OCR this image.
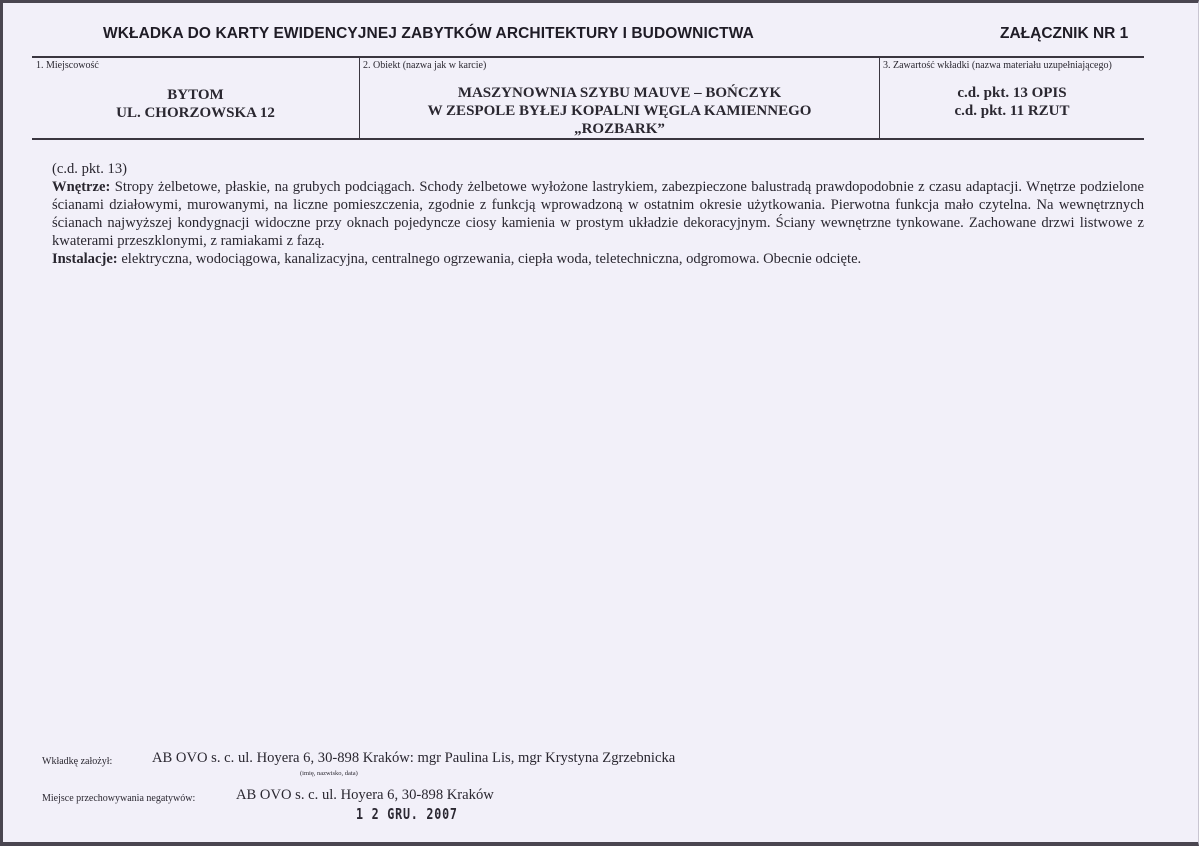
WKŁADKA DO KARTY EWIDENCYJNEJ ZABYTKÓW ARCHITEKTURY I BUDOWNICTWA	ZAŁĄCZNIK NR 1
1. Miejscowość
BYTOM
UL. CHORZOWSKA 12
2. Obiekt (nazwa jak w karcie)
MASZYNOWNIA SZYBU MAUVE – BOŃCZYK
W ZESPOLE BYŁEJ KOPALNI WĘGLA KAMIENNEGO
„ROZBARK”
3. Zawartość wkładki (nazwa materiału uzupełniającego)
c.d. pkt. 13 OPIS
c.d. pkt. 11 RZUT

(c.d. pkt. 13)

Wnętrze: Stropy żelbetowe, płaskie, na grubych podciągach. Schody żelbetowe wyłożone lastrykiem, zabezpieczone balustradą prawdopodobnie z czasu adaptacji. Wnętrze podzielone ścianami działowymi, murowanymi, na liczne pomieszczenia, zgodnie z funkcją wprowadzoną w ostatnim okresie użytkowania. Pierwotna funkcja mało czytelna. Na wewnętrznych ścianach najwyższej kondygnacji widoczne przy oknach pojedyncze ciosy kamienia w prostym układzie dekoracyjnym. Ściany wewnętrzne tynkowane. Zachowane drzwi listwowe z kwaterami przeszklonymi, z ramiakami z fazą.

Instalacje: elektryczna, wodociągowa, kanalizacyjna, centralnego ogrzewania, ciepła woda, teletechniczna, odgromowa. Obecnie odcięte.

Wkładkę założył:	AB OVO s. c. ul. Hoyera 6, 30-898 Kraków: mgr Paulina Lis, mgr Krystyna Zgrzebnicka
(imię, nazwisko, data)
Miejsce przechowywania negatywów:	AB OVO s. c. ul. Hoyera 6, 30-898 Kraków
1 2 GRU. 2007
